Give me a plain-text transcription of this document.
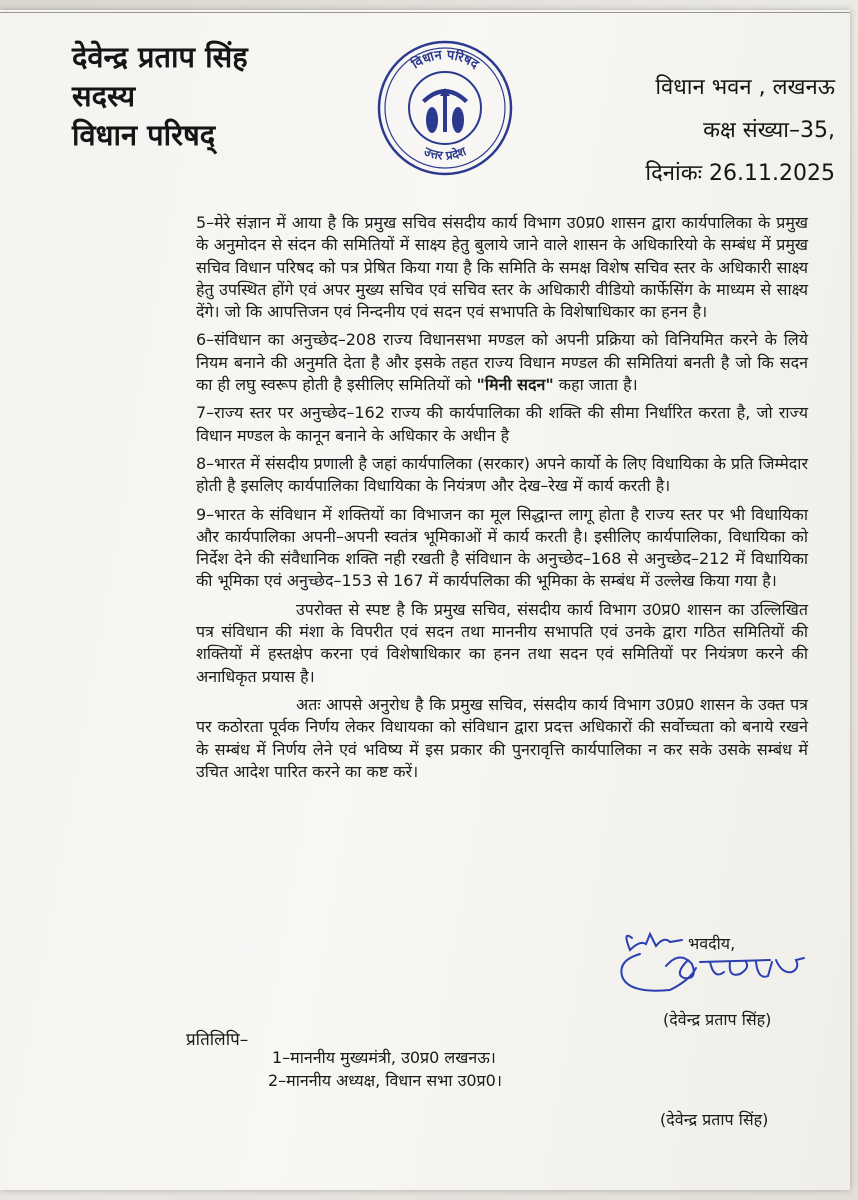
देवेन्द्र प्रताप सिंह
सदस्य
विधान परिषद्
विधान परिषद
उत्तर प्रदेश
विधान भवन , लखनऊ
कक्ष संख्या–35,
दिनांकः 26.11.2025

5–मेरे संज्ञान में आया है कि प्रमुख सचिव संसदीय कार्य विभाग उ0प्र0 शासन द्वारा कार्यपालिका के प्रमुख के अनुमोदन से संदन की समितियों में साक्ष्य हेतु बुलाये जाने वाले शासन के अधिकारियो के सम्बंध में प्रमुख सचिव विधान परिषद को पत्र प्रेषित किया गया है कि समिति के समक्ष विशेष सचिव स्तर के अधिकारी साक्ष्य हेतु उपस्थित होंगे एवं अपर मुख्य सचिव एवं सचिव स्तर के अधिकारी वीडियो कार्फेसिंग के माध्यम से साक्ष्य देंगे। जो कि आपत्तिजन एवं निन्दनीय एवं सदन एवं सभापति के विशेषाधिकार का हनन है।

6–संविधान का अनुच्छेद–208 राज्य विधानसभा मण्डल को अपनी प्रक्रिया को विनियमित करने के लिये नियम बनाने की अनुमति देता है और इसके तहत राज्य विधान मण्डल की समितियां बनती है जो कि सदन का ही लघु स्वरूप होती है इसीलिए समितियों को "मिनी सदन" कहा जाता है।

7–राज्य स्तर पर अनुच्छेद–162 राज्य की कार्यपालिका की शक्ति की सीमा निर्धारित करता है, जो राज्य विधान मण्डल के कानून बनाने के अधिकार के अधीन है

8–भारत में संसदीय प्रणाली है जहां कार्यपालिका (सरकार) अपने कार्यो के लिए विधायिका के प्रति जिम्मेदार होती है इसलिए कार्यपालिका विधायिका के नियंत्रण और देख–रेख में कार्य करती है।

9–भारत के संविधान में शक्तियों का विभाजन का मूल सिद्धान्त लागू होता है राज्य स्तर पर भी विधायिका और कार्यपालिका अपनी–अपनी स्वतंत्र भूमिकाओं में कार्य करती है। इसीलिए कार्यपालिका, विधायिका को निर्देश देने की संवैधानिक शक्ति नही रखती है संविधान के अनुच्छेद–168 से अनुच्छेद–212 में विधायिका की भूमिका एवं अनुच्छेद–153 से 167 में कार्यपलिका की भूमिका के सम्बंध में उल्लेख किया गया है।

उपरोक्त से स्पष्ट है कि प्रमुख सचिव, संसदीय कार्य विभाग उ0प्र0 शासन का उल्लिखित पत्र संविधान की मंशा के विपरीत एवं सदन तथा माननीय सभापति एवं उनके द्वारा गठित समितियों की शक्तियों में हस्तक्षेप करना एवं विशेषाधिकार का हनन तथा सदन एवं समितियों पर नियंत्रण करने की अनाधिकृत प्रयास है।

अतः आपसे अनुरोध है कि प्रमुख सचिव, संसदीय कार्य विभाग उ0प्र0 शासन के उक्त पत्र पर कठोरता पूर्वक निर्णय लेकर विधायका को संविधान द्वारा प्रदत्त अधिकारों की सर्वोच्चता को बनाये रखने के सम्बंध में निर्णय लेने एवं भविष्य में इस प्रकार की पुनरावृत्ति कार्यपालिका न कर सके उसके सम्बंध में उचित आदेश पारित करने का कष्ट करें।

भवदीय,
(देवेन्द्र प्रताप सिंह)
प्रतिलिपि–
1–माननीय मुख्यमंत्री, उ0प्र0 लखनऊ।
2–माननीय अध्यक्ष, विधान सभा उ0प्र0।
(देवेन्द्र प्रताप सिंह)
